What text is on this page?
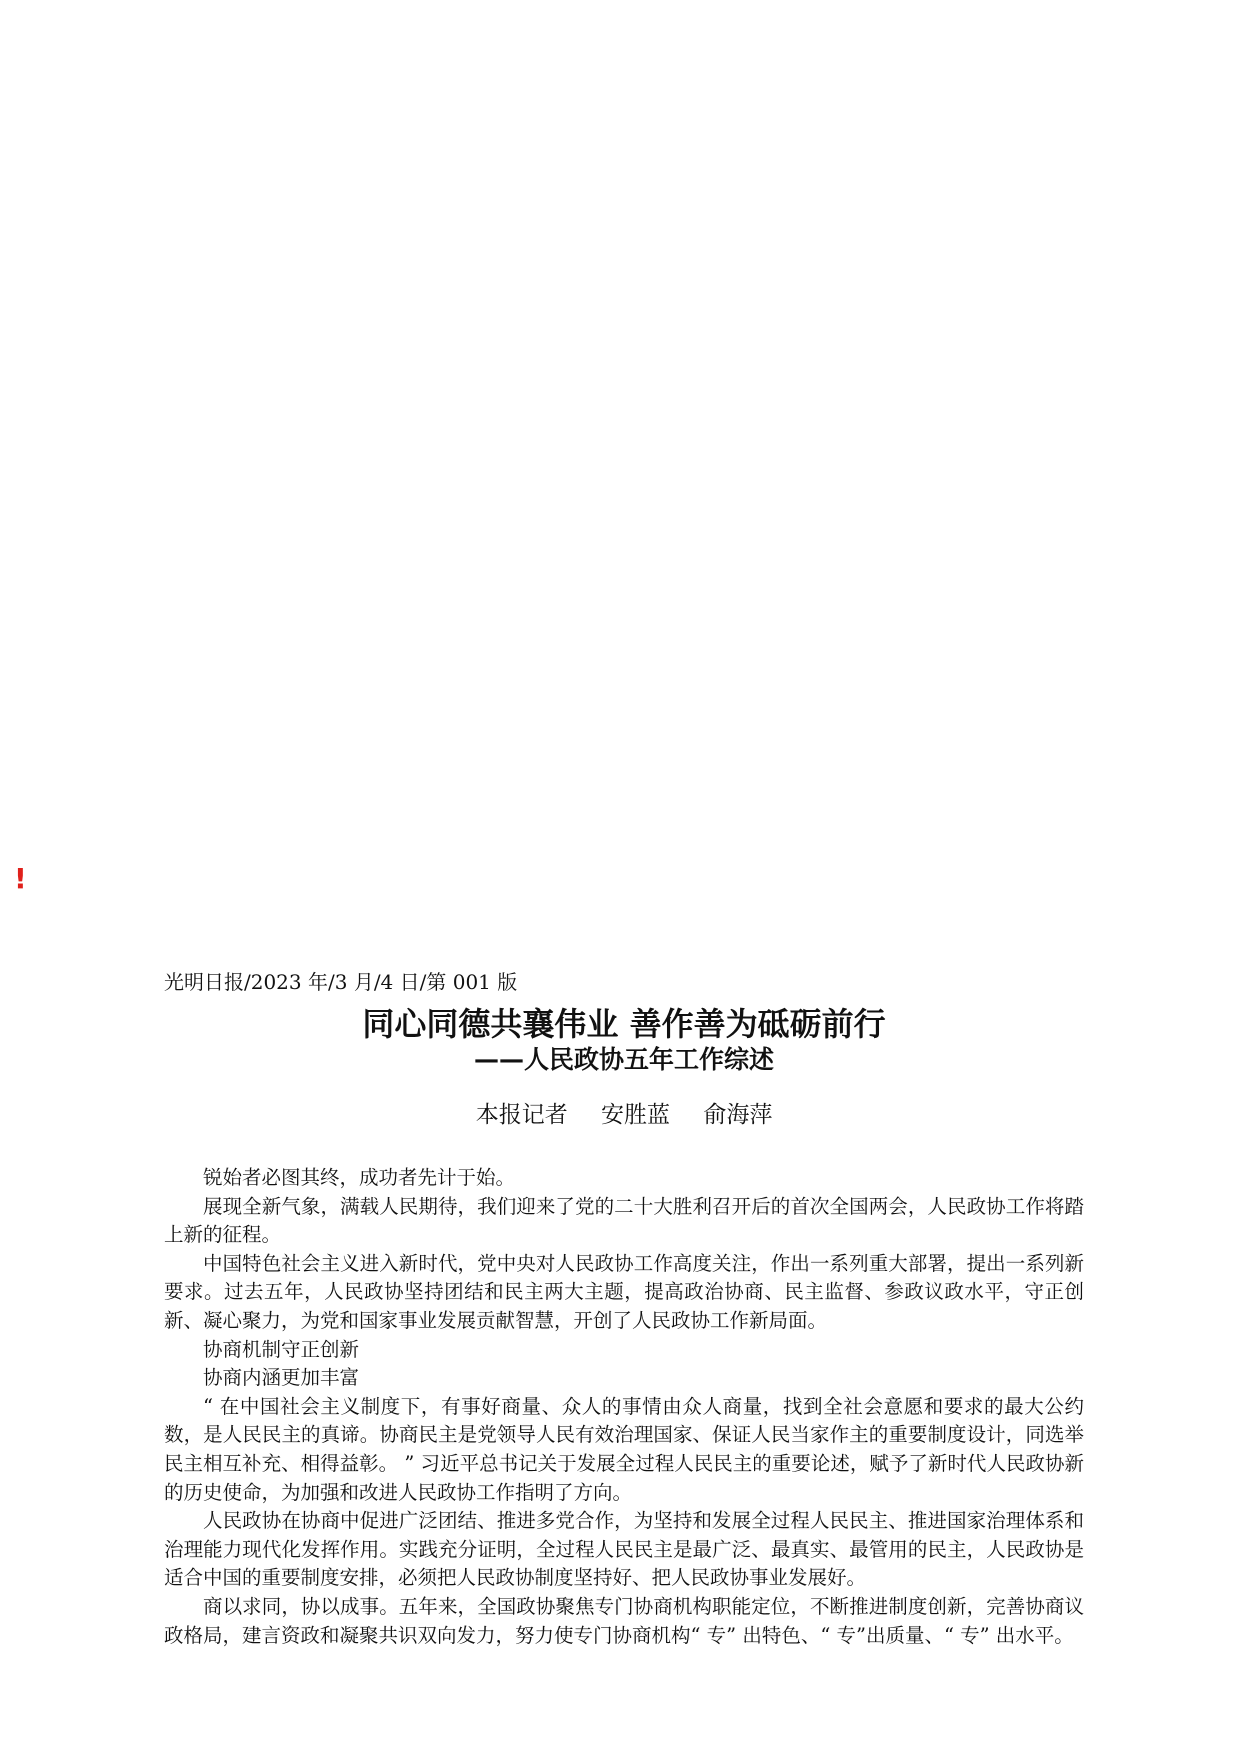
!

光明日报/2023 年/3 月/4 日/第 001 版

同心同德共襄伟业 善作善为砥砺前行
——人民政协五年工作综述
本报记者 安胜蓝 俞海萍

锐始者必图其终，成功者先计于始。

展现全新气象，满载人民期待，我们迎来了党的二十大胜利召开后的首次全国两会，人民政协工作将踏上新的征程。

中国特色社会主义进入新时代，党中央对人民政协工作高度关注，作出一系列重大部署，提出一系列新要求。过去五年，人民政协坚持团结和民主两大主题，提高政治协商、民主监督、参政议政水平，守正创新、凝心聚力，为党和国家事业发展贡献智慧，开创了人民政协工作新局面。

协商机制守正创新

协商内涵更加丰富

“ 在中国社会主义制度下，有事好商量、众人的事情由众人商量，找到全社会意愿和要求的最大公约数，是人民民主的真谛。协商民主是党领导人民有效治理国家、保证人民当家作主的重要制度设计，同选举民主相互补充、相得益彰。 ” 习近平总书记关于发展全过程人民民主的重要论述，赋予了新时代人民政协新的历史使命，为加强和改进人民政协工作指明了方向。

人民政协在协商中促进广泛团结、推进多党合作，为坚持和发展全过程人民民主、推进国家治理体系和治理能力现代化发挥作用。实践充分证明，全过程人民民主是最广泛、最真实、最管用的民主，人民政协是适合中国的重要制度安排，必须把人民政协制度坚持好、把人民政协事业发展好。

商以求同，协以成事。五年来，全国政协聚焦专门协商机构职能定位，不断推进制度创新，完善协商议政格局，建言资政和凝聚共识双向发力，努力使专门协商机构“ 专” 出特色、“ 专”出质量、“ 专” 出水平。
